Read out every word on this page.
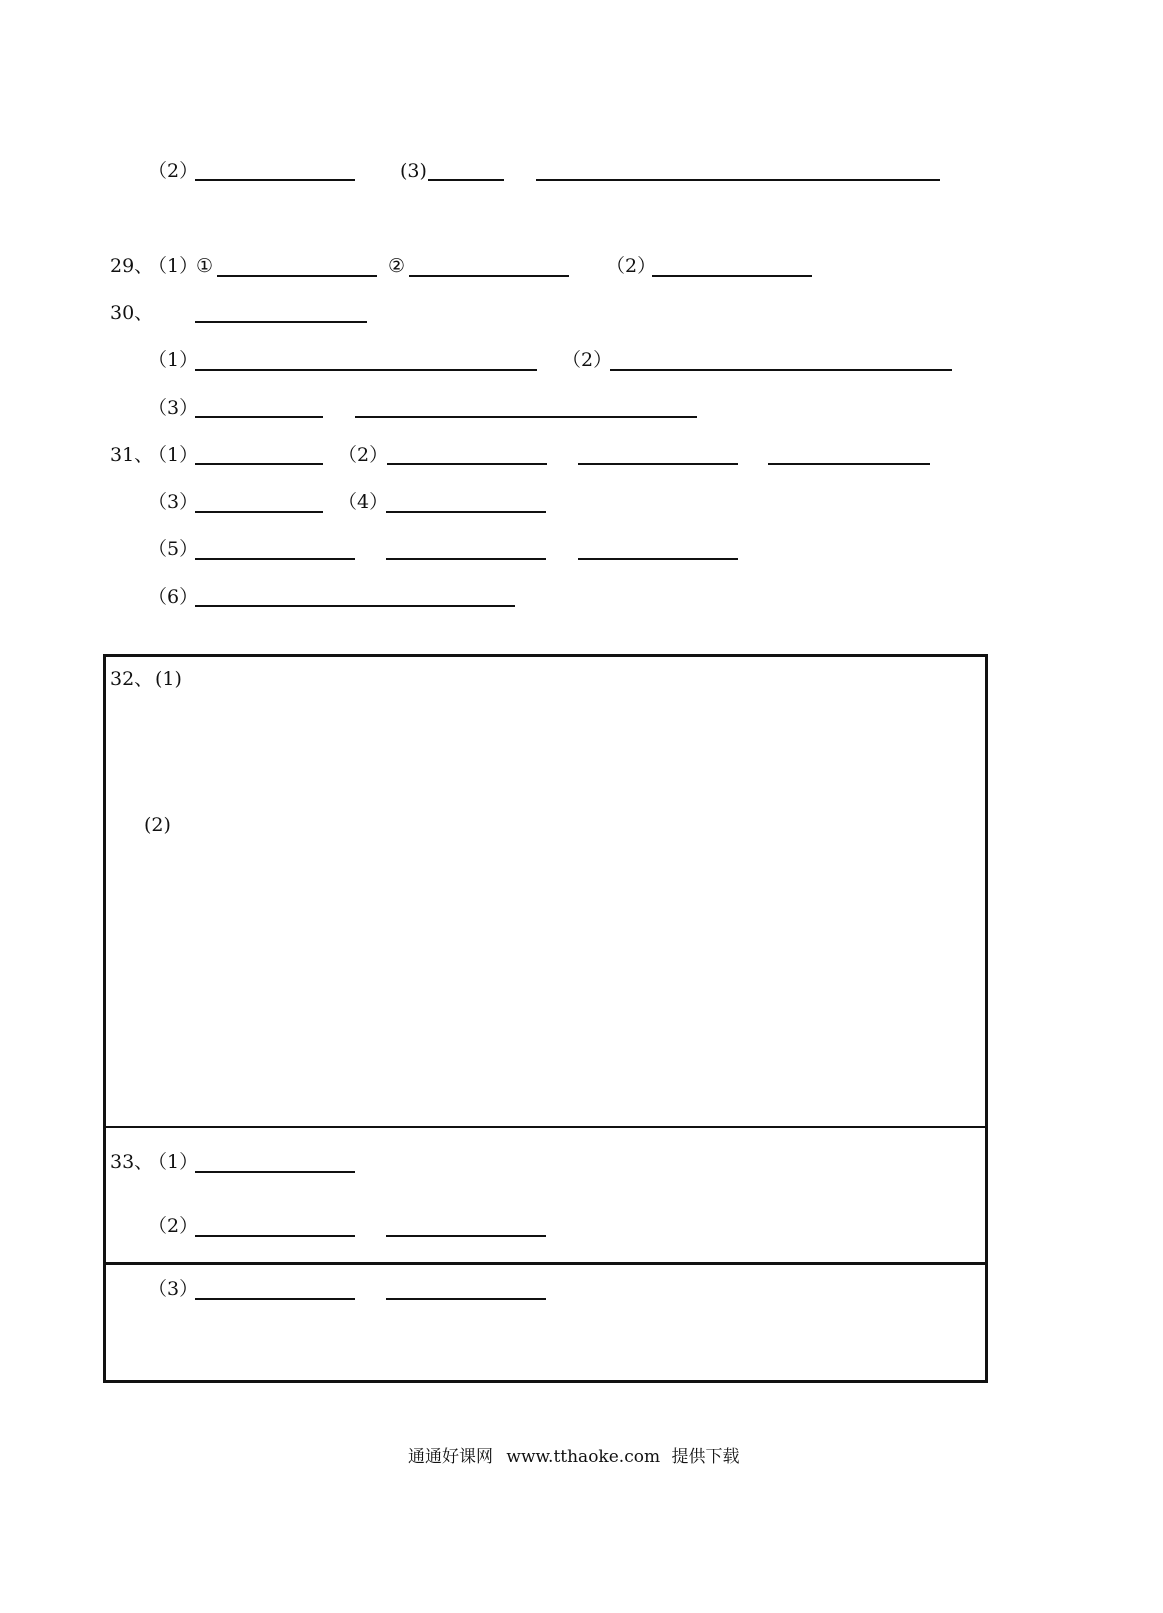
（2）	(3)
29、
（1）
①	②	（2）
30、
（1）	（2）
（3）
31、
（1）	（2）
（3）	（4）
（5）
（6）
32、 (1)
(2)
33、
（1）
（2）
（3）
通通好课网 www.tthaoke.com 提供下载
